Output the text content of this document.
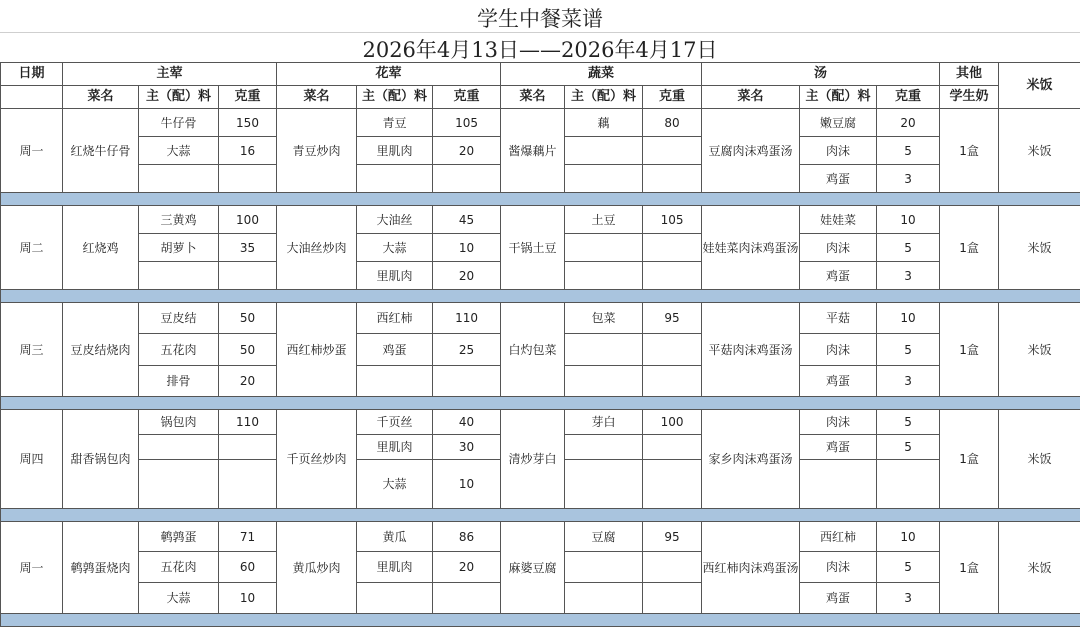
学生中餐菜谱
2026年4月13日——2026年4月17日
日期	主荤			花荤			蔬菜			汤			其他	米饭
	菜名	主（配）料	克重	菜名	主（配）料	克重	菜名	主（配）料	克重	菜名	主（配）料	克重	学生奶	
周一	红烧牛仔骨	牛仔骨	150	青豆炒肉	青豆	105	酱爆藕片	藕	80	豆腐肉沫鸡蛋汤	嫩豆腐	20	1盒	米饭
		大蒜	16		里肌肉	20					肉沫	5		
											鸡蛋	3		

周二	红烧鸡	三黄鸡	100	大油丝炒肉	大油丝	45	干锅土豆	土豆	105	娃娃菜肉沫鸡蛋汤	娃娃菜	10	1盒	米饭
		胡萝卜	35		大蒜	10					肉沫	5		
					里肌肉	20					鸡蛋	3		

周三	豆皮结烧肉	豆皮结	50	西红柿炒蛋	西红柿	110	白灼包菜	包菜	95	平菇肉沫鸡蛋汤	平菇	10	1盒	米饭
		五花肉	50		鸡蛋	25					肉沫	5		
		排骨	20								鸡蛋	3		

周四	甜香锅包肉	锅包肉	110	千页丝炒肉	千页丝	40	清炒芽白	芽白	100	家乡肉沫鸡蛋汤	肉沫	5	1盒	米饭
					里肌肉	30					鸡蛋	5		
					大蒜	10								

周一	鹌鹑蛋烧肉	鹌鹑蛋	71	黄瓜炒肉	黄瓜	86	麻婆豆腐	豆腐	95	西红柿肉沫鸡蛋汤	西红柿	10	1盒	米饭
		五花肉	60		里肌肉	20					肉沫	5		
		大蒜	10								鸡蛋	3		
